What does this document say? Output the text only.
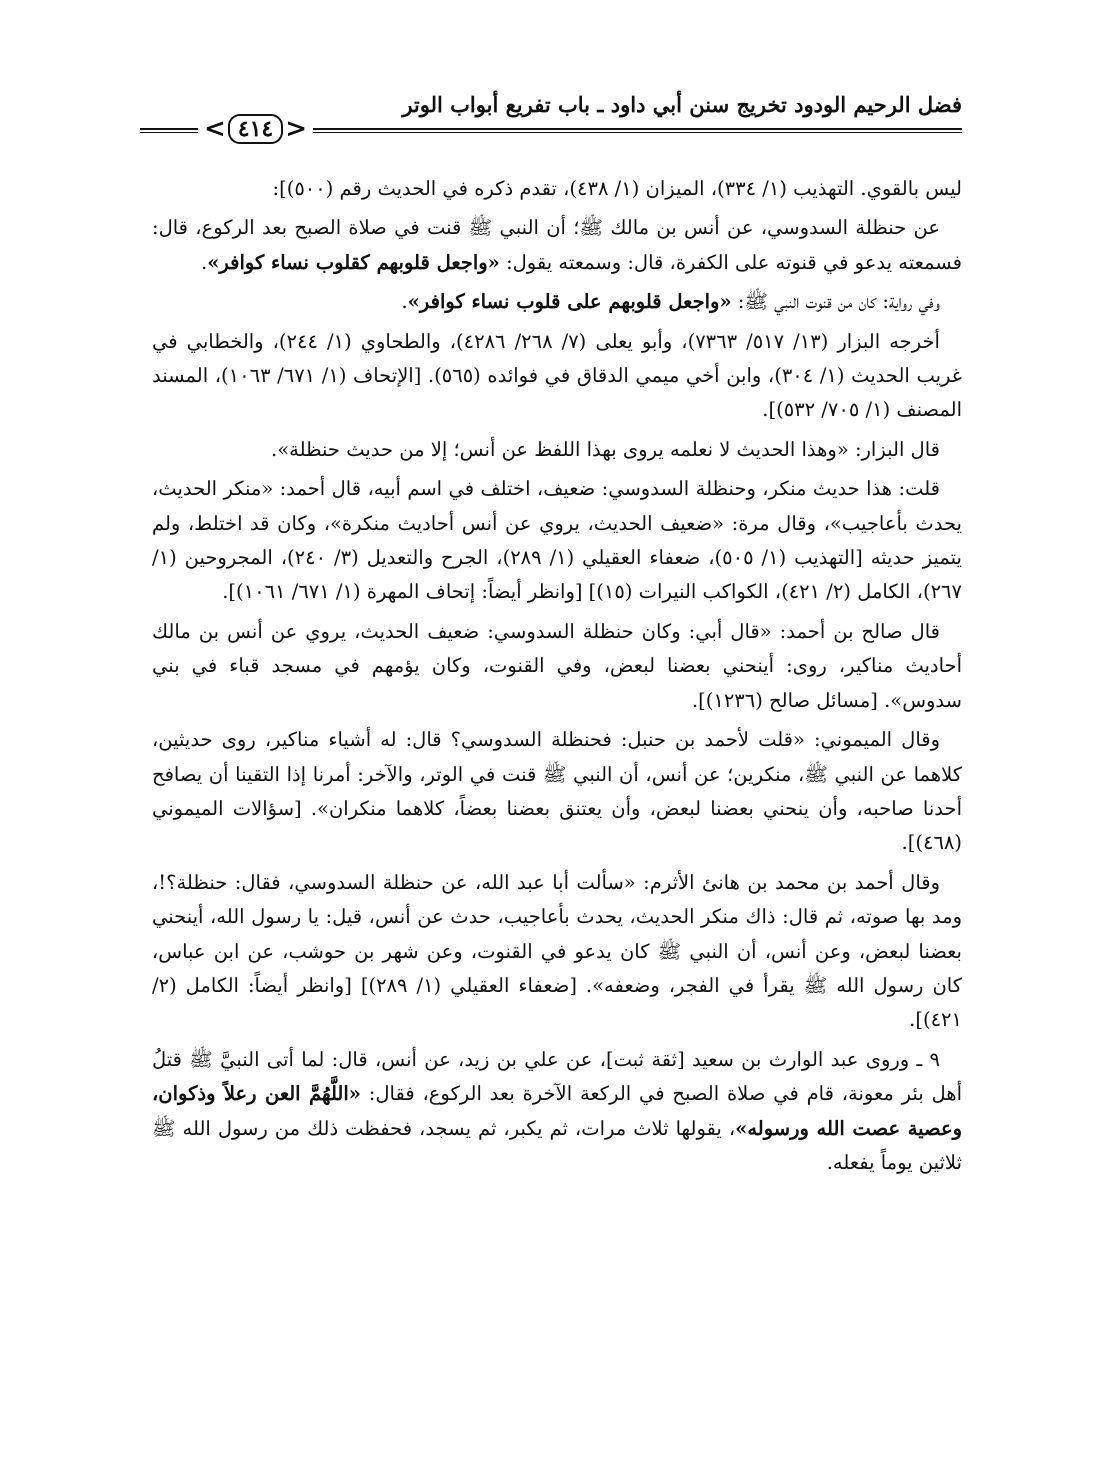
فضل الرحيم الودود تخريج سنن أبي داود ـ باب تفريع أبواب الوتر
< ٤١٤ >

ليس بالقوي. التهذيب (١/ ٣٣٤)، الميزان (١/ ٤٣٨)، تقدم ذكره في الحديث رقم (٥٠٠)]:

عن حنظلة السدوسي، عن أنس بن مالك ﷺ؛ أن النبي ﷺ قنت في صلاة الصبح بعد الركوع، قال: فسمعته يدعو في قنوته على الكفرة، قال: وسمعته يقول: «واجعل قلوبهم كقلوب نساء كوافر».

وفي رواية: كان من قنوت النبي ﷺ: «واجعل قلوبهم على قلوب نساء كوافر».

أخرجه البزار (١٣/ ٥١٧/ ٧٣٦٣)، وأبو يعلى (٧/ ٢٦٨/ ٤٢٨٦)، والطحاوي (١/ ٢٤٤)، والخطابي في غريب الحديث (١/ ٣٠٤)، وابن أخي ميمي الدقاق في فوائده (٥٦٥). [الإتحاف (١/ ٦٧١/ ١٠٦٣)، المسند المصنف (١/ ٧٠٥/ ٥٣٢)].

قال البزار: «وهذا الحديث لا نعلمه يروى بهذا اللفظ عن أنس؛ إلا من حديث حنظلة».

قلت: هذا حديث منكر، وحنظلة السدوسي: ضعيف، اختلف في اسم أبيه، قال أحمد: «منكر الحديث، يحدث بأعاجيب»، وقال مرة: «ضعيف الحديث، يروي عن أنس أحاديث منكرة»، وكان قد اختلط، ولم يتميز حديثه [التهذيب (١/ ٥٠٥)، ضعفاء العقيلي (١/ ٢٨٩)، الجرح والتعديل (٣/ ٢٤٠)، المجروحين (١/ ٢٦٧)، الكامل (٢/ ٤٢١)، الكواكب النيرات (١٥)] [وانظر أيضاً: إتحاف المهرة (١/ ٦٧١/ ١٠٦١)].

قال صالح بن أحمد: «قال أبي: وكان حنظلة السدوسي: ضعيف الحديث، يروي عن أنس بن مالك أحاديث مناكير، روى: أينحني بعضنا لبعض، وفي القنوت، وكان يؤمهم في مسجد قباء في بني سدوس». [مسائل صالح (١٢٣٦)].

وقال الميموني: «قلت لأحمد بن حنبل: فحنظلة السدوسي؟ قال: له أشياء مناكير، روى حديثين، كلاهما عن النبي ﷺ، منكرين؛ عن أنس، أن النبي ﷺ قنت في الوتر، والآخر: أمرنا إذا التقينا أن يصافح أحدنا صاحبه، وأن ينحني بعضنا لبعض، وأن يعتنق بعضنا بعضاً، كلاهما منكران». [سؤالات الميموني (٤٦٨)].

وقال أحمد بن محمد بن هانئ الأثرم: «سألت أبا عبد الله، عن حنظلة السدوسي، فقال: حنظلة؟!، ومد بها صوته، ثم قال: ذاك منكر الحديث، يحدث بأعاجيب، حدث عن أنس، قيل: يا رسول الله، أينحني بعضنا لبعض، وعن أنس، أن النبي ﷺ كان يدعو في القنوت، وعن شهر بن حوشب، عن ابن عباس، كان رسول الله ﷺ يقرأ في الفجر، وضعفه». [ضعفاء العقيلي (١/ ٢٨٩)] [وانظر أيضاً: الكامل (٢/ ٤٢١)].

٩ ـ وروى عبد الوارث بن سعيد [ثقة ثبت]، عن علي بن زيد، عن أنس، قال: لما أتى النبيَّ ﷺ قتلُ أهل بئر معونة، قام في صلاة الصبح في الركعة الآخرة بعد الركوع، فقال: «اللَّهُمَّ العن رعلاً وذكوان، وعصية عصت الله ورسوله»، يقولها ثلاث مرات، ثم يكبر، ثم يسجد، فحفظت ذلك من رسول الله ﷺ ثلاثين يوماً يفعله.
